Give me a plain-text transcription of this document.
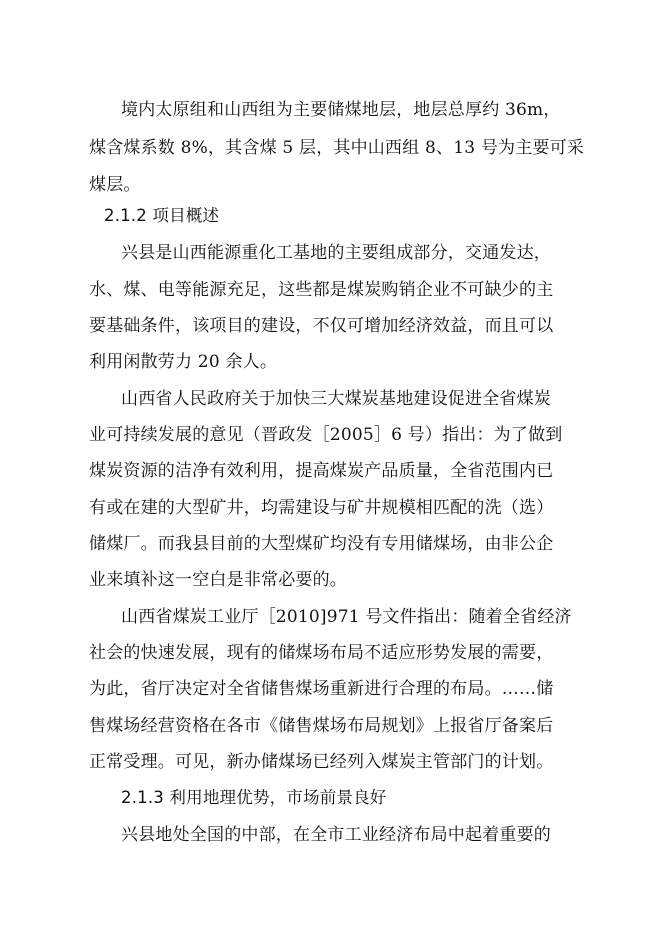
境内太原组和山西组为主要储煤地层，地层总厚约 36m，
煤含煤系数 8%，其含煤 5 层，其中山西组 8、13 号为主要可采
煤层。
2.1.2 项目概述
兴县是山西能源重化工基地的主要组成部分，交通发达，
水、煤、电等能源充足，这些都是煤炭购销企业不可缺少的主
要基础条件，该项目的建设，不仅可增加经济效益，而且可以
利用闲散劳力 20 余人。
山西省人民政府关于加快三大煤炭基地建设促进全省煤炭
业可持续发展的意见（晋政发［2005］6 号）指出：为了做到
煤炭资源的洁净有效利用，提高煤炭产品质量，全省范围内已
有或在建的大型矿井，均需建设与矿井规模相匹配的洗（选）
储煤厂。而我县目前的大型煤矿均没有专用储煤场，由非公企
业来填补这一空白是非常必要的。
山西省煤炭工业厅［2010]971 号文件指出：随着全省经济
社会的快速发展，现有的储煤场布局不适应形势发展的需要，
为此，省厅决定对全省储售煤场重新进行合理的布局。……储
售煤场经营资格在各市《储售煤场布局规划》上报省厅备案后
正常受理。可见，新办储煤场已经列入煤炭主管部门的计划。
2.1.3 利用地理优势，市场前景良好
兴县地处全国的中部，在全市工业经济布局中起着重要的
